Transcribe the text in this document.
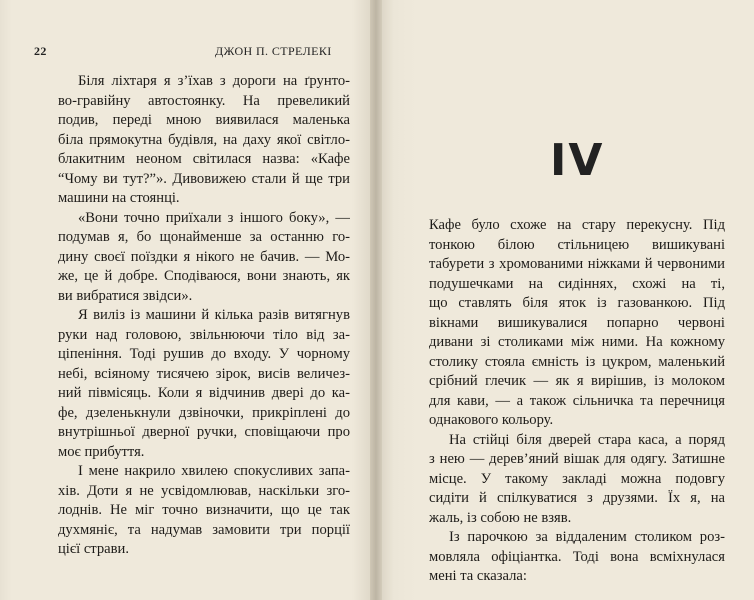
22	ДЖОН П. СТРЕЛЕКІ
Біля ліхтаря я з’їхав з дороги на ґрунто-
во-гравійну автостоянку. На превеликий
подив, переді мною виявилася маленька
біла прямокутна будівля, на даху якої світло-
блакитним неоном світилася назва: «Кафе
“Чому ви тут?”». Дивовижею стали й ще три
машини на стоянці.
«Вони точно приїхали з іншого боку», —
подумав я, бо щонайменше за останню го-
дину своєї поїздки я нікого не бачив. — Мо-
же, це й добре. Сподіваюся, вони знають, як
ви вибратися звідси».
Я виліз із машини й кілька разів витягнув
руки над головою, звільнюючи тіло від за-
ціпеніння. Тоді рушив до входу. У чорному
небі, всіяному тисячею зірок, висів величез-
ний півмісяць. Коли я відчинив двері до ка-
фе, дзеленькнули дзвіночки, прикріплені до
внутрішньої дверної ручки, сповіщаючи про
моє прибуття.
І мене накрило хвилею спокусливих запа-
хів. Доти я не усвідомлював, наскільки зго-
лоднів. Не міг точно визначити, що це так
духмяніє, та надумав замовити три порції
цієї страви.
IV
Кафе було схоже на стару перекусну. Під
тонкою білою стільницею вишикувані
табурети з хромованими ніжками й червоними
подушечками на сидіннях, схожі на ті,
що ставлять біля яток із газованкою. Під
вікнами вишикувалися попарно червоні
дивани зі столиками між ними. На кожному
столику стояла ємність із цукром, маленький
срібний глечик — як я вирішив, із молоком
для кави, — а також сільничка та перечниця
однакового кольору.
На стійці біля дверей стара каса, а поряд
з нею — дерев’яний вішак для одягу. Затишне
місце. У такому закладі можна подовгу
сидіти й спілкуватися з друзями. Їх я, на
жаль, із собою не взяв.
Із парочкою за віддаленим столиком роз-
мовляла офіціантка. Тоді вона всміхнулася
мені та сказала:
